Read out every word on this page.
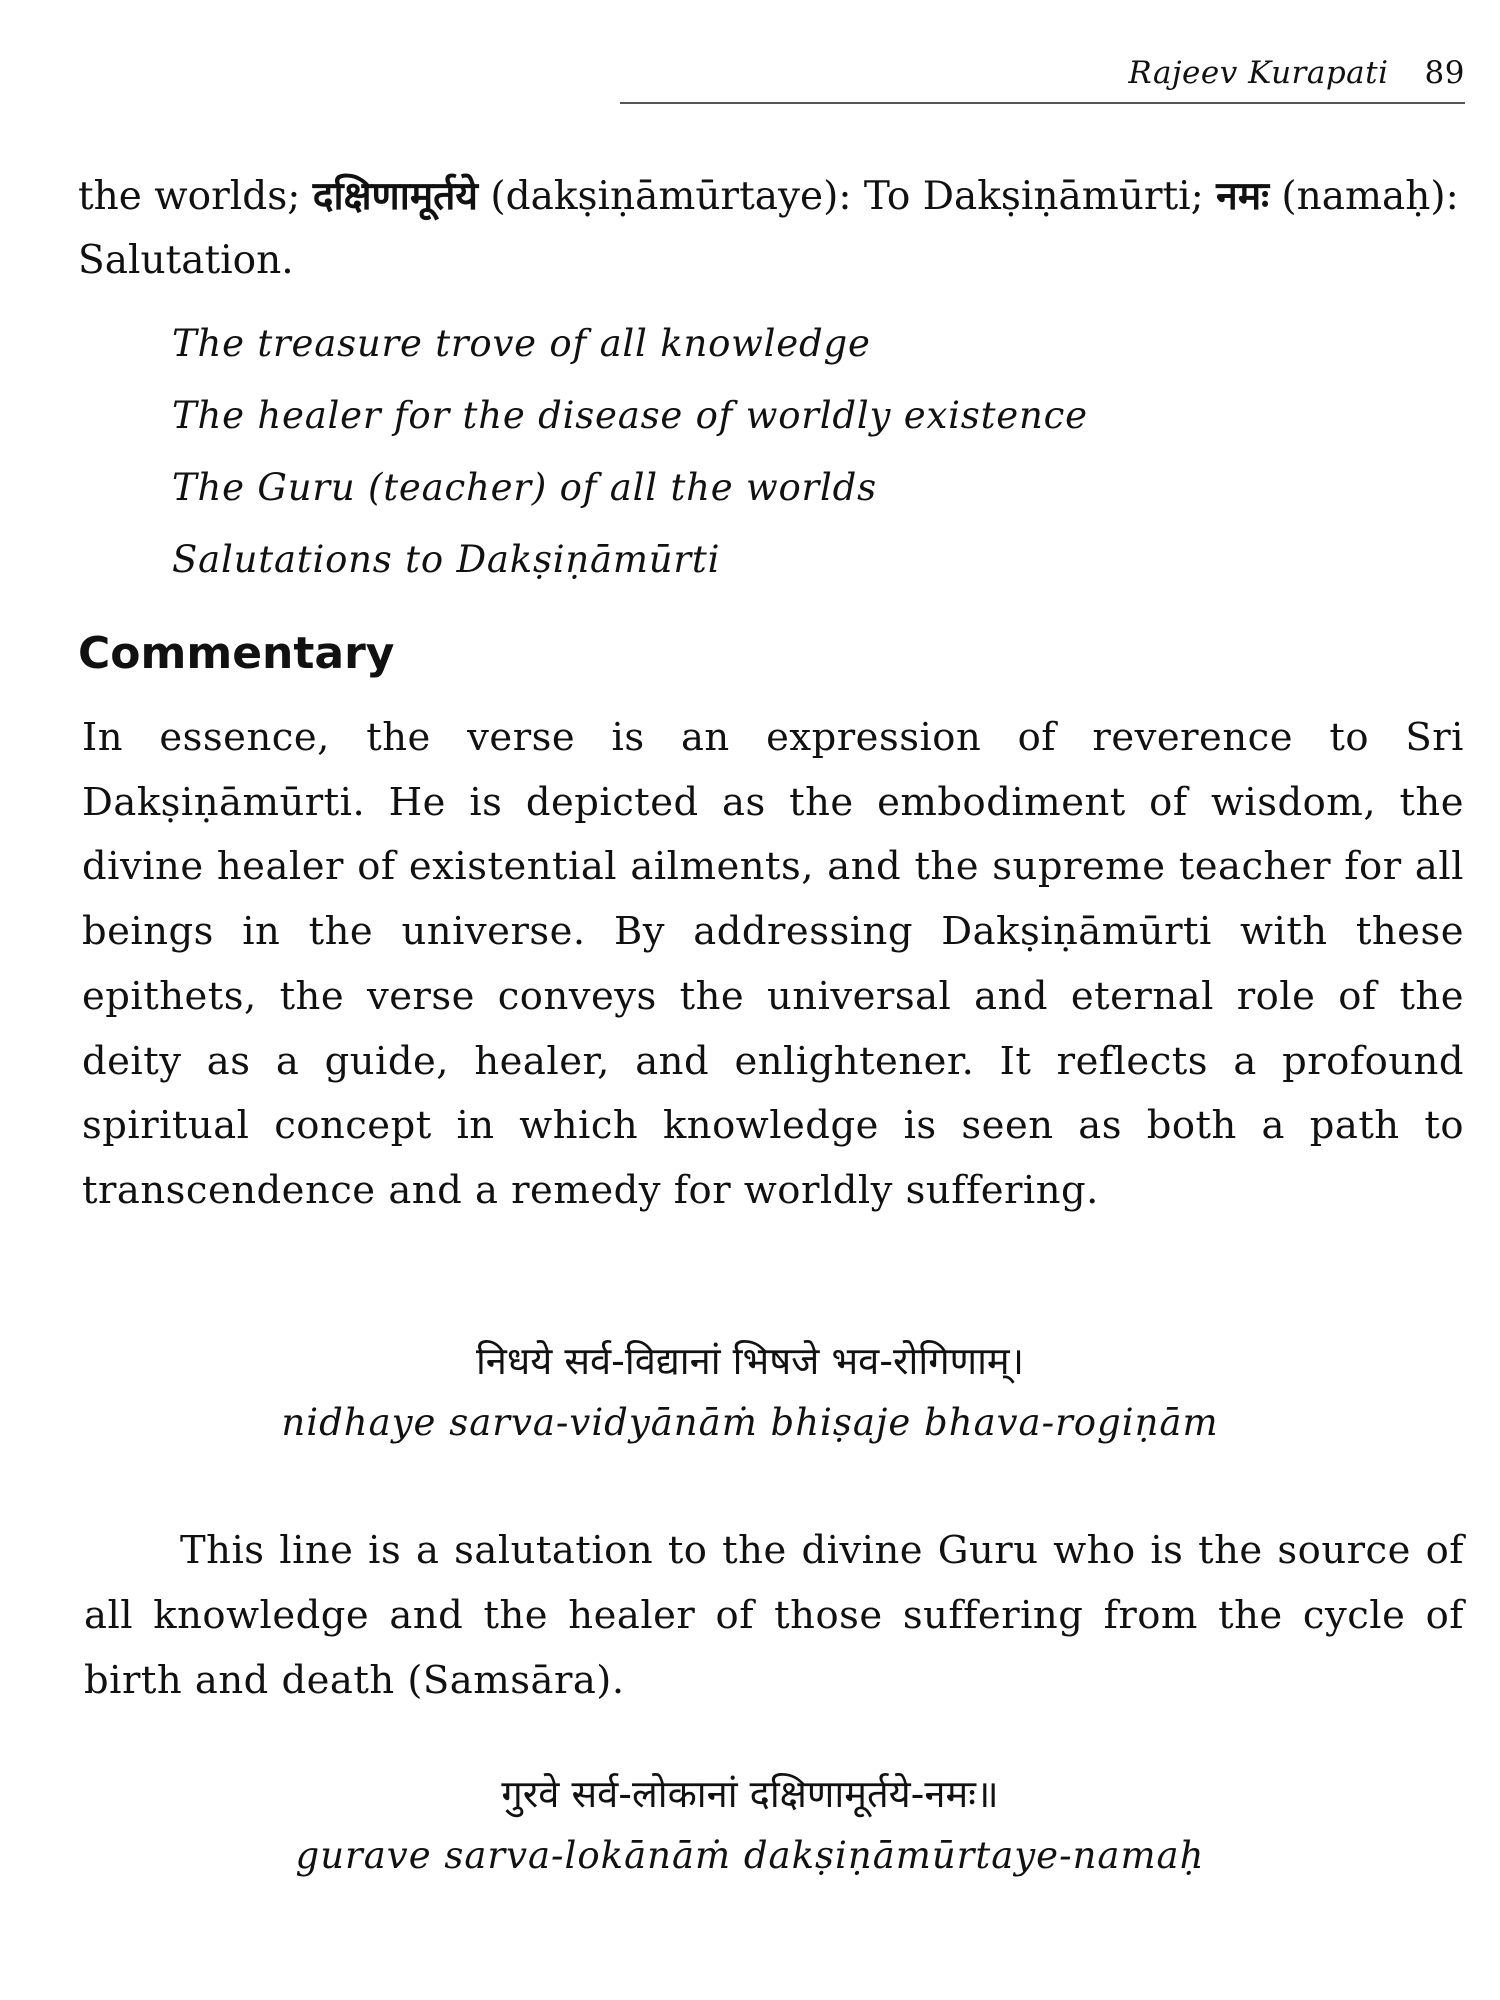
Rajeev Kurapati 89

the worlds; दक्षिणामूर्तये (dakṣiṇāmūrtaye): To Dakṣiṇāmūrti; नमः (namaḥ): Salutation.

The treasure trove of all knowledge
The healer for the disease of worldly existence
The Guru (teacher) of all the worlds
Salutations to Dakṣiṇāmūrti
Commentary

In essence, the verse is an expression of reverence to Sri Dakṣiṇāmūrti. He is depicted as the embodiment of wisdom, the divine healer of existential ailments, and the supreme teacher for all beings in the universe. By addressing Dakṣiṇāmūrti with these epithets, the verse conveys the universal and eternal role of the deity as a guide, healer, and enlightener. It reflects a profound spiritual concept in which knowledge is seen as both a path to transcendence and a remedy for worldly suffering.

निधये सर्व-विद्यानां भिषजे भव-रोगिणाम्।
nidhaye sarva-vidyānāṁ bhiṣaje bhava-rogiṇām

This line is a salutation to the divine Guru who is the source of all knowledge and the healer of those suffering from the cycle of birth and death (Samsāra).

गुरवे सर्व-लोकानां दक्षिणामूर्तये-नमः॥
gurave sarva-lokānāṁ dakṣiṇāmūrtaye-namaḥ
